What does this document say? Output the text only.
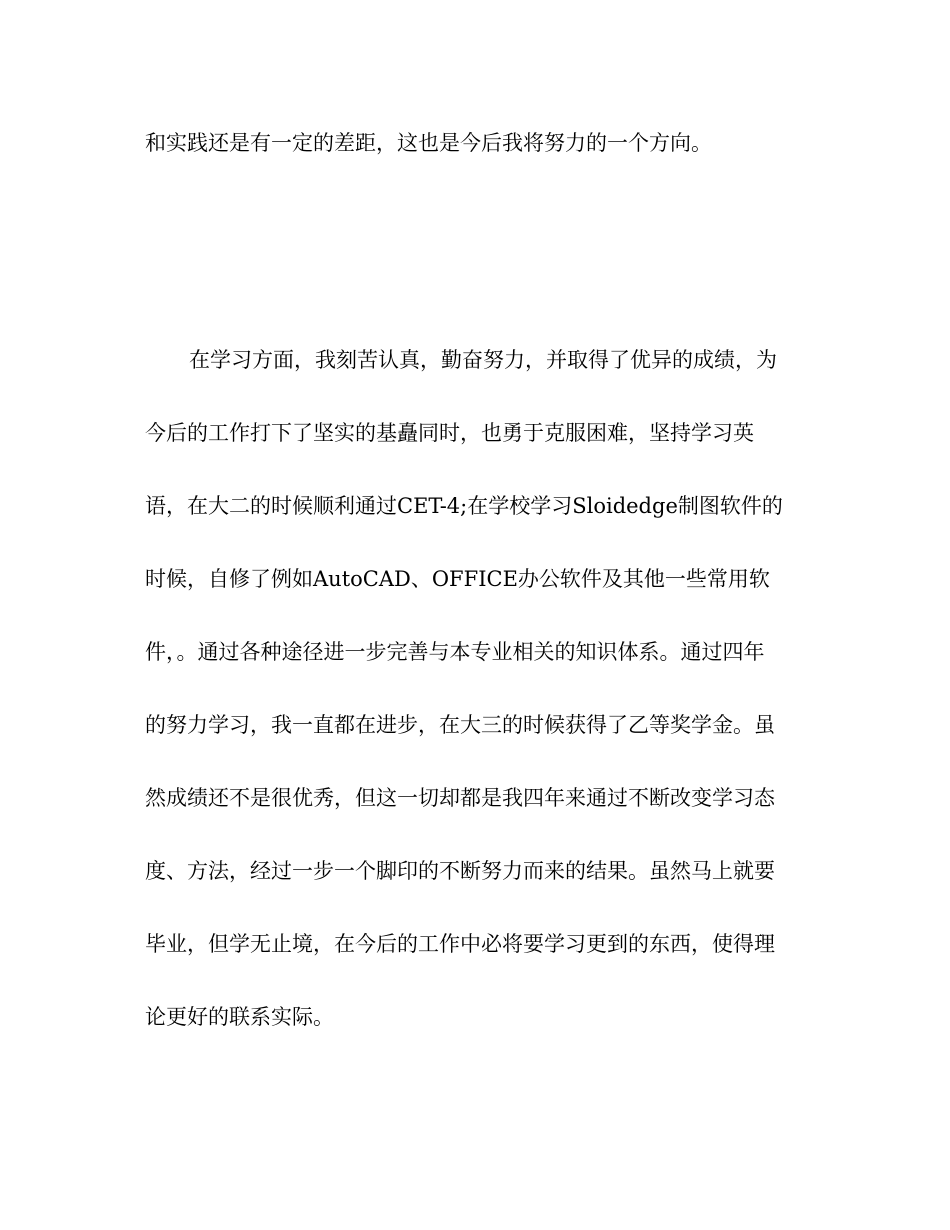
和实践还是有一定的差距，这也是今后我将努力的一个方向。
在学习方面，我刻苦认真，勤奋努力，并取得了优异的成绩，为
今后的工作打下了坚实的基矗同时，也勇于克服困难，坚持学习英
语，在大二的时候顺利通过CET-4;在学校学习Sloidedge制图软件的
时候，自修了例如AutoCAD、OFFICE办公软件及其他一些常用软
件，。通过各种途径进一步完善与本专业相关的知识体系。通过四年
的努力学习，我一直都在进步，在大三的时候获得了乙等奖学金。虽
然成绩还不是很优秀，但这一切却都是我四年来通过不断改变学习态
度、方法，经过一步一个脚印的不断努力而来的结果。虽然马上就要
毕业，但学无止境，在今后的工作中必将要学习更到的东西，使得理
论更好的联系实际。
